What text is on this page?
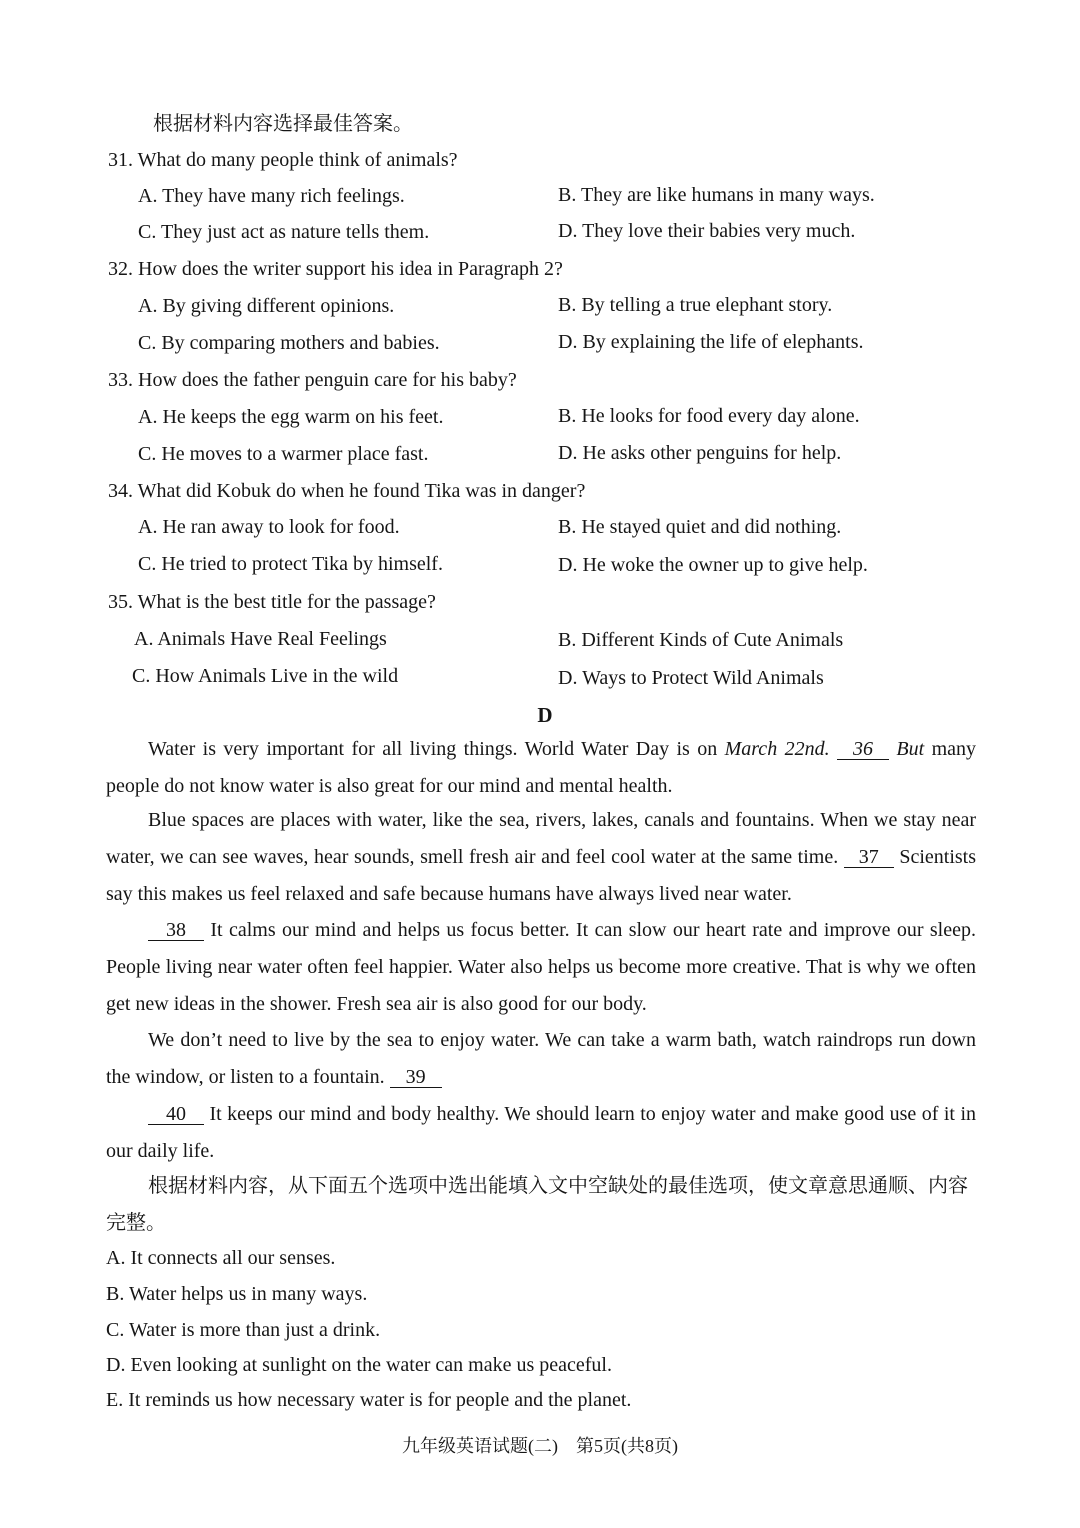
根据材料内容选择最佳答案。
31. What do many people think of animals?
A. They have many rich feelings.	B. They are like humans in many ways.
C. They just act as nature tells them.	D. They love their babies very much.
32. How does the writer support his idea in Paragraph 2?
A. By giving different opinions.	B. By telling a true elephant story.
C. By comparing mothers and babies.	D. By explaining the life of elephants.
33. How does the father penguin care for his baby?
A. He keeps the egg warm on his feet.	B. He looks for food every day alone.
C. He moves to a warmer place fast.	D. He asks other penguins for help.
34. What did Kobuk do when he found Tika was in danger?
A. He ran away to look for food.	B. He stayed quiet and did nothing.
C. He tried to protect Tika by himself.	D. He woke the owner up to give help.
35. What is the best title for the passage?
A. Animals Have Real Feelings	B. Different Kinds of Cute Animals
C. How Animals Live in the wild	D. Ways to Protect Wild Animals
D

Water is very important for all living things. World Water Day is on March 22nd. 36 But many people do not know water is also great for our mind and mental health.

Blue spaces are places with water, like the sea, rivers, lakes, canals and fountains. When we stay near water, we can see waves, hear sounds, smell fresh air and feel cool water at the same time. 37 Scientists say this makes us feel relaxed and safe because humans have always lived near water.

38 It calms our mind and helps us focus better. It can slow our heart rate and improve our sleep. People living near water often feel happier. Water also helps us become more creative. That is why we often get new ideas in the shower. Fresh sea air is also good for our body.

We don’t need to live by the sea to enjoy water. We can take a warm bath, watch raindrops run down the window, or listen to a fountain. 39

40 It keeps our mind and body healthy. We should learn to enjoy water and make good use of it in our daily life.

根据材料内容，从下面五个选项中选出能填入文中空缺处的最佳选项，使文章意思通顺、内容完整。

A. It connects all our senses.
B. Water helps us in many ways.
C. Water is more than just a drink.
D. Even looking at sunlight on the water can make us peaceful.
E. It reminds us how necessary water is for people and the planet.
九年级英语试题(二)　第5页(共8页)
